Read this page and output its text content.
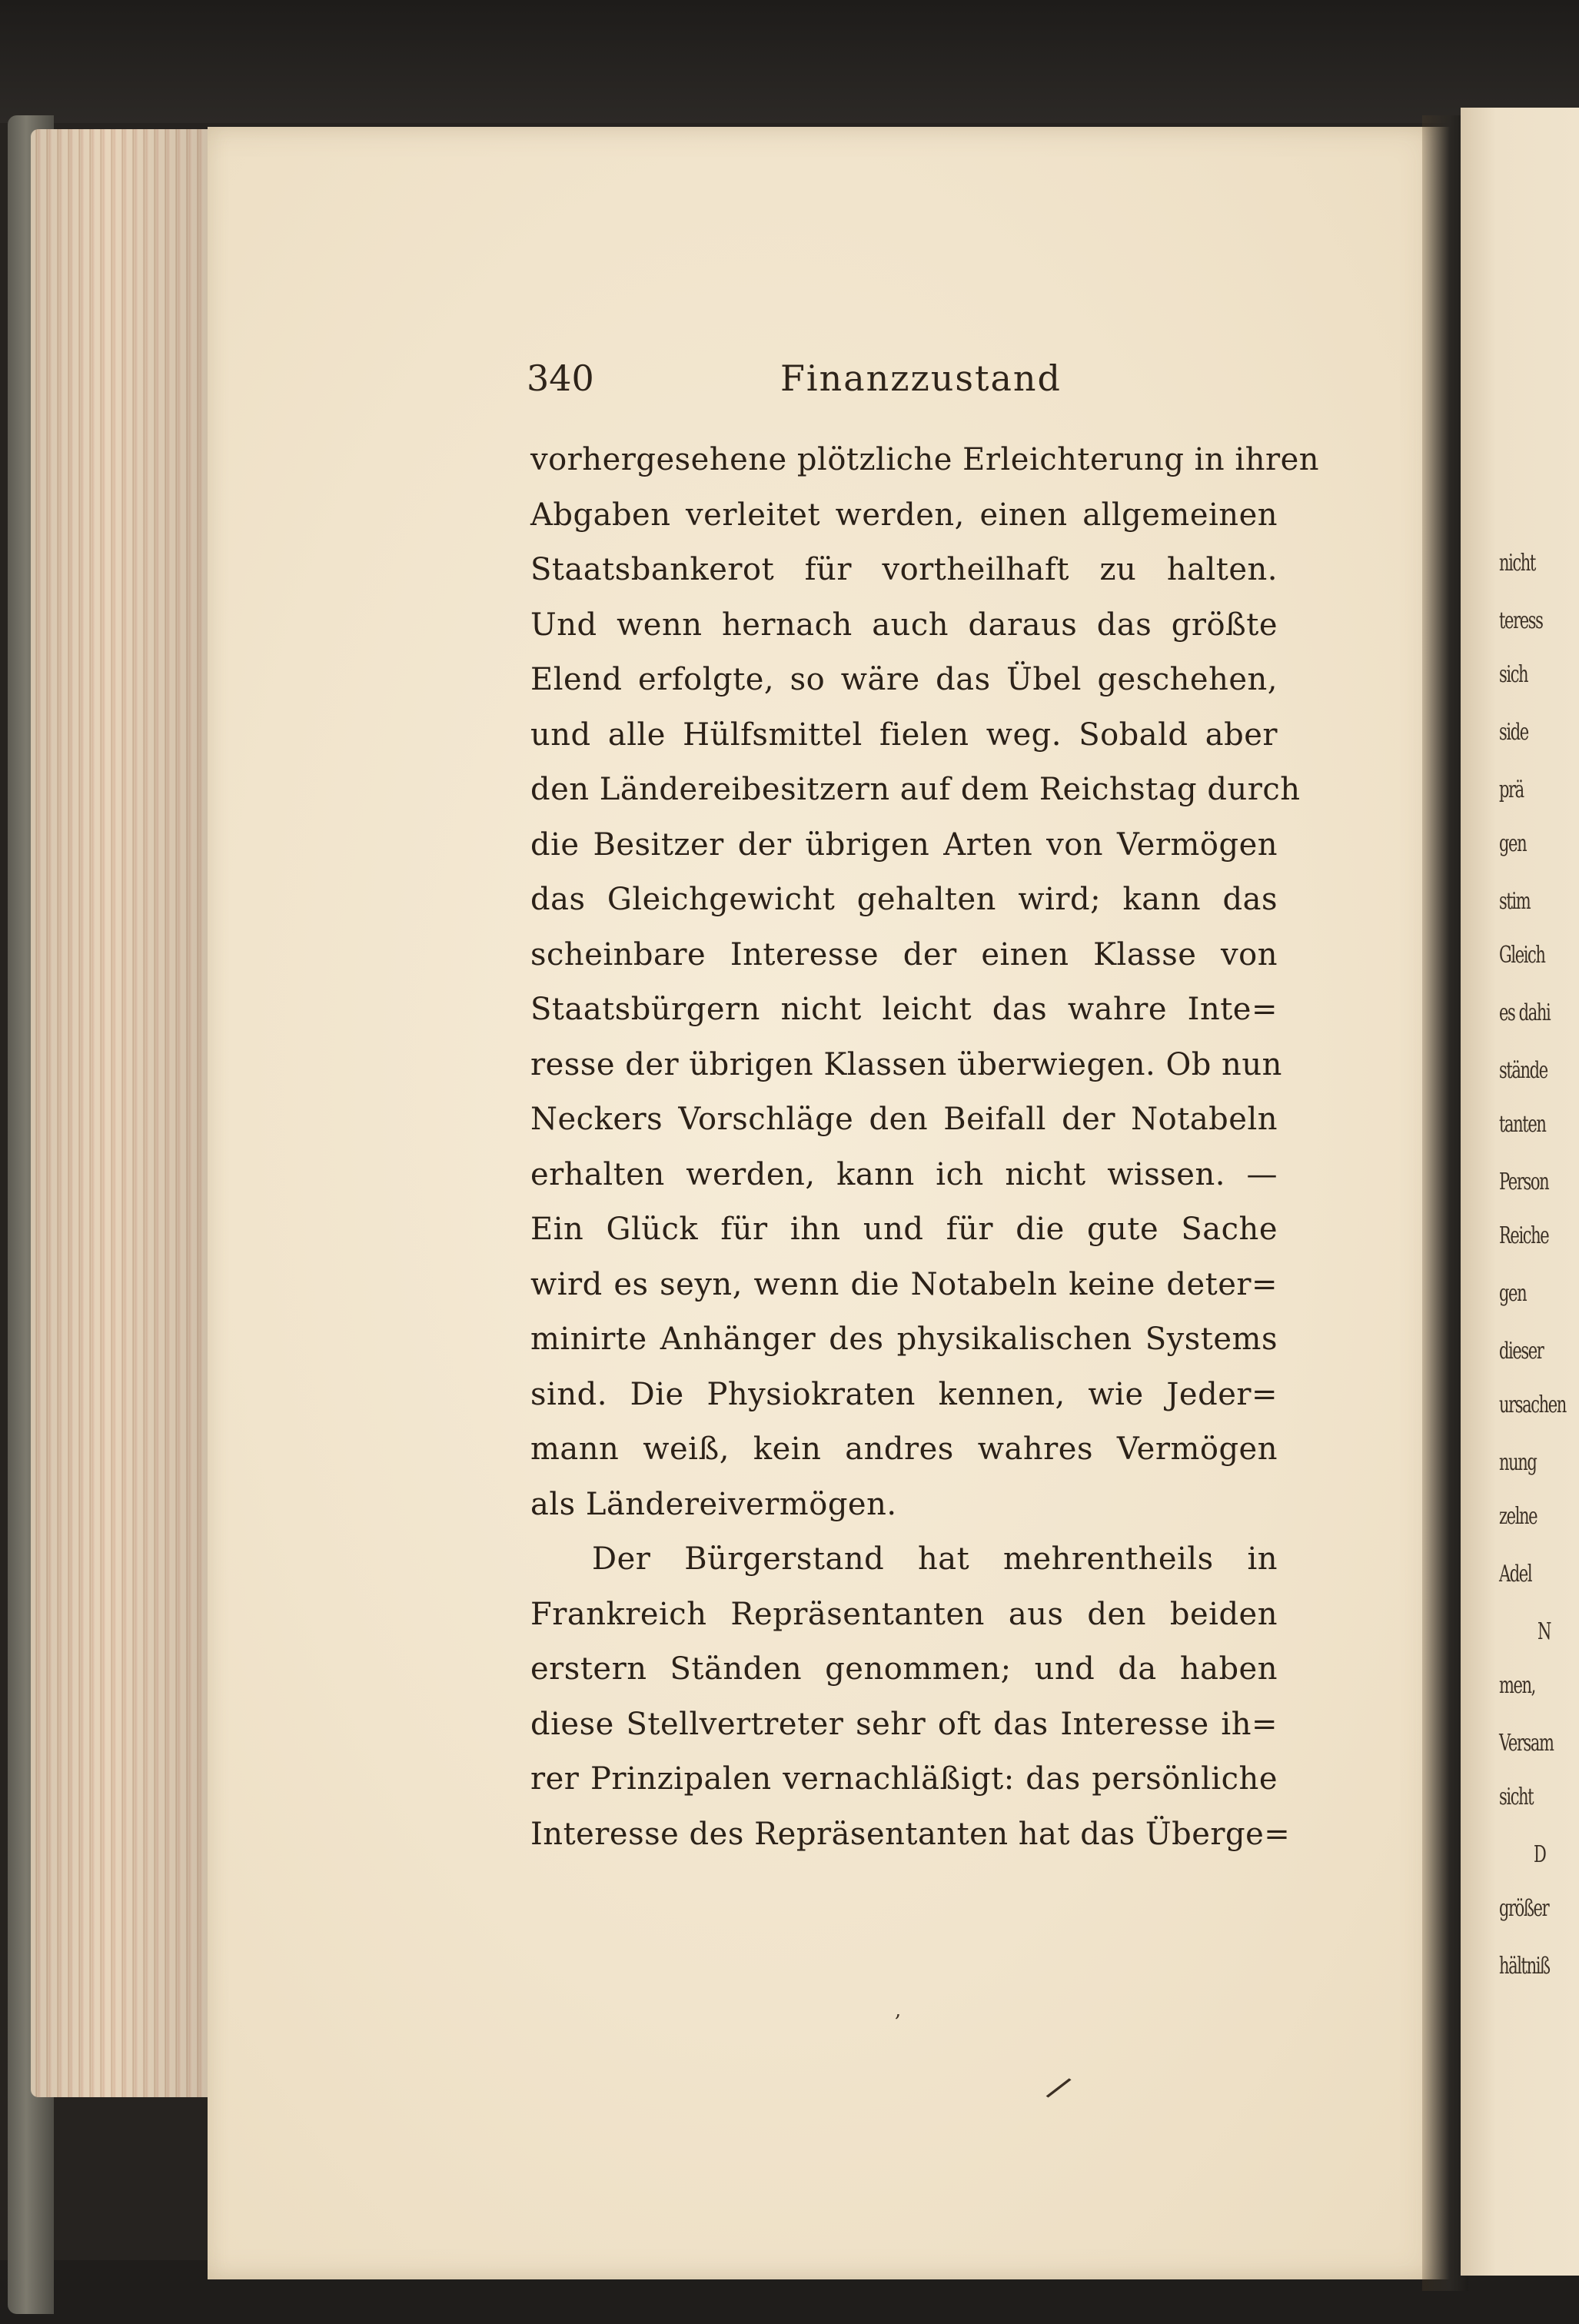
340	Finanzzustand
vorhergesehene plötzliche Erleichterung in ihren
Abgaben verleitet werden, einen allgemeinen
Staatsbankerot für vortheilhaft zu halten.
Und wenn hernach auch daraus das größte
Elend erfolgte, so wäre das Übel geschehen,
und alle Hülfsmittel fielen weg. Sobald aber
den Ländereibesitzern auf dem Reichstag durch
die Besitzer der übrigen Arten von Vermögen
das Gleichgewicht gehalten wird; kann das
scheinbare Interesse der einen Klasse von
Staatsbürgern nicht leicht das wahre Inte=
resse der übrigen Klassen überwiegen. Ob nun
Neckers Vorschläge den Beifall der Notabeln
erhalten werden, kann ich nicht wissen. —
Ein Glück für ihn und für die gute Sache
wird es seyn, wenn die Notabeln keine deter=
minirte Anhänger des physikalischen Systems
sind. Die Physiokraten kennen, wie Jeder=
mann weiß, kein andres wahres Vermögen
als Ländereivermögen.
Der Bürgerstand hat mehrentheils in
Frankreich Repräsentanten aus den beiden
erstern Ständen genommen; und da haben
diese Stellvertreter sehr oft das Interesse ih=
rer Prinzipalen vernachläßigt: das persönliche
Interesse des Repräsentanten hat das Überge=
/
,
nicht
teress
sich
side
prä
gen
stim
Gleich
es dahi
stände
tanten
Person
Reiche
gen
dieser
ursachen
nung
zelne
Adel
N
men,
Versam
sicht
D
größer
hältniß
